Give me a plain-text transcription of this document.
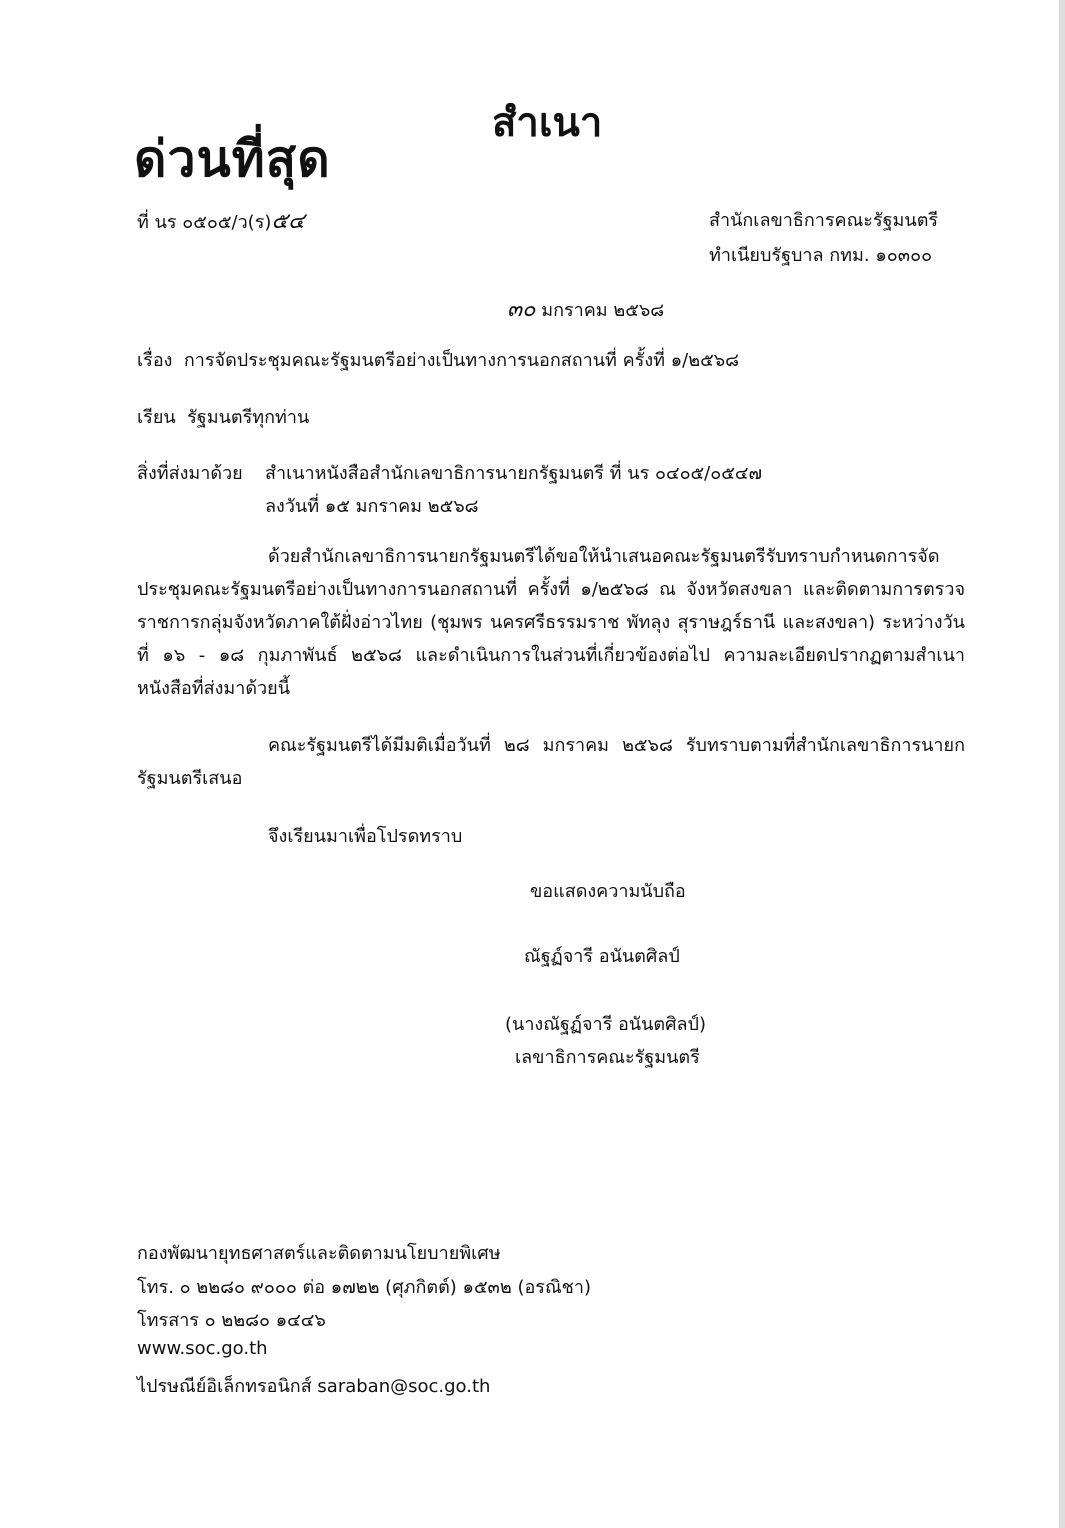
สำเนา
ด่วนที่สุด
ที่ นร ๐๕๐๕/ว(ร)๕๔	สำนักเลขาธิการคณะรัฐมนตรี
ทำเนียบรัฐบาล กทม. ๑๐๓๐๐
๓๐ มกราคม ๒๕๖๘
เรื่อง การจัดประชุมคณะรัฐมนตรีอย่างเป็นทางการนอกสถานที่ ครั้งที่ ๑/๒๕๖๘
เรียน รัฐมนตรีทุกท่าน
สิ่งที่ส่งมาด้วย สำเนาหนังสือสำนักเลขาธิการนายกรัฐมนตรี ที่ นร ๐๔๐๕/๐๕๔๗
ลงวันที่ ๑๕ มกราคม ๒๕๖๘
ด้วยสำนักเลขาธิการนายกรัฐมนตรีได้ขอให้นำเสนอคณะรัฐมนตรีรับทราบกำหนดการจัดประชุมคณะรัฐมนตรีอย่างเป็นทางการนอกสถานที่ ครั้งที่ ๑/๒๕๖๘ ณ จังหวัดสงขลา และติดตามการตรวจราชการกลุ่มจังหวัดภาคใต้ฝั่งอ่าวไทย (ชุมพร นครศรีธรรมราช พัทลุง สุราษฎร์ธานี และสงขลา) ระหว่างวันที่ ๑๖ - ๑๘ กุมภาพันธ์ ๒๕๖๘ และดำเนินการในส่วนที่เกี่ยวข้องต่อไป ความละเอียดปรากฏตามสำเนาหนังสือที่ส่งมาด้วยนี้
คณะรัฐมนตรีได้มีมติเมื่อวันที่ ๒๘ มกราคม ๒๕๖๘ รับทราบตามที่สำนักเลขาธิการนายกรัฐมนตรีเสนอ
จึงเรียนมาเพื่อโปรดทราบ
ขอแสดงความนับถือ
ณัฐฏ์จารี อนันตศิลป์
(นางณัฐฏ์จารี อนันตศิลป์)
เลขาธิการคณะรัฐมนตรี
กองพัฒนายุทธศาสตร์และติดตามนโยบายพิเศษ
โทร. ๐ ๒๒๘๐ ๙๐๐๐ ต่อ ๑๗๒๒ (ศุภกิตต์) ๑๕๓๒ (อรณิชา)
โทรสาร ๐ ๒๒๘๐ ๑๔๔๖
www.soc.go.th
ไปรษณีย์อิเล็กทรอนิกส์ saraban@soc.go.th
